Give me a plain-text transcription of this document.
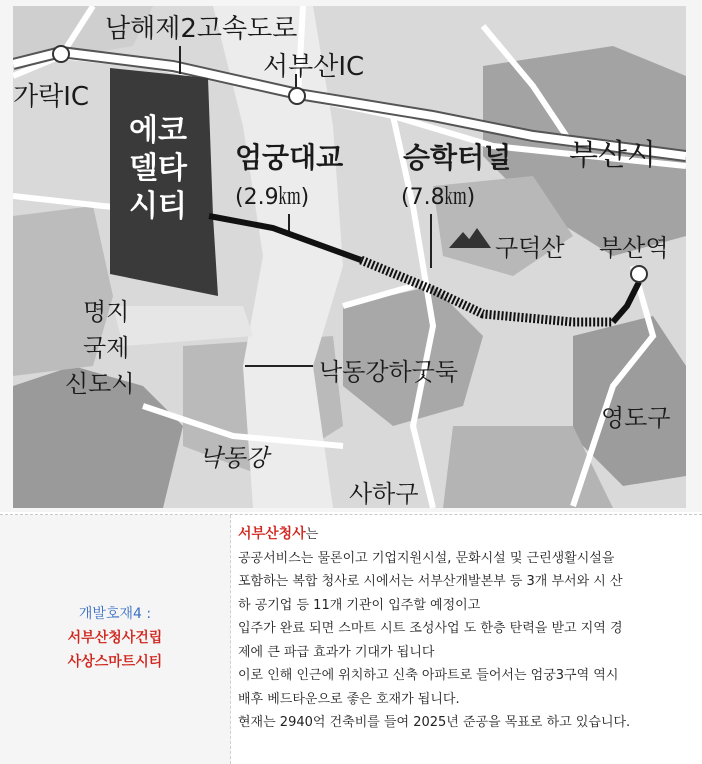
남해제2고속도로
서부산IC
가락IC
에코
델타
시티
엄궁대교
(2.9㎞)
승학터널
(7.8㎞)
부산시
구덕산 부산역
명지
국제
신도시	낙동강하굿둑
영도구
낙동강
사하구
개발호재4 :
서부산청사건립
사상스마트시티
서부산청사는
공공서비스는 물론이고 기업지원시설, 문화시설 및 근린생활시설을
포함하는 복합 청사로 시에서는 서부산개발본부 등 3개 부서와 시 산
하 공기업 등 11개 기관이 입주할 예정이고
입주가 완료 되면 스마트 시트 조성사업 도 한층 탄력을 받고 지역 경
제에 큰 파급 효과가 기대가 됩니다
이로 인해 인근에 위치하고 신축 아파트로 들어서는 엄궁3구역 역시
배후 베드타운으로 좋은 호재가 됩니다.
현재는 2940억 건축비를 들여 2025년 준공을 목표로 하고 있습니다.
